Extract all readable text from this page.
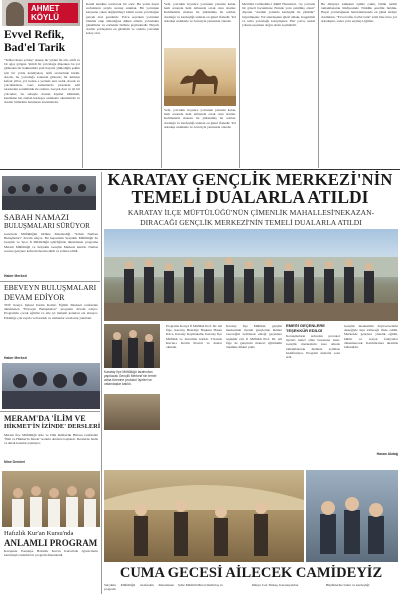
AHMET
KÖYLÜ
Evvel Refik,
Bad'el Tarik
"Tebbet ikaus yoldaş" deneıp bir yıldan bir ellı, emfi ve bir ağaç gölgesi. Şimdi bir yolculuğa düşerken bu yol gitmeden bir hakkındaki yeni hayatta yüklediğin şeklin için bir yolda kendiyelen, tarih sevincinde bizim. Ancak, bu yolculuğa sonunda gidecek; bir kılmayı kafeni yıllar, yol beden e yerinde size sadık olacak ve yolculukların. Geri zamanlarda pırasında edil tarasından sorumluluk ile onların. Gerçek dost ve iyi bir yolcudur; bu sebeple dostun kıymet bilinmeli, kendisine her zaman kardeşçe sadakatte olunmalıdır ve dostlar birbirinin hatırlarını korumalıdır.
Kendi kendine sorulacak bir soru: Bu yolda hayat zorlukların sırıyla uzanıp sunmak. Bir yolcunun karşısına çıkan değiştirmeyi bizim sorun yolculuğun gerçek dost gerektirir. Yolcu seçerken yolcunun bizimle olup olmadığına dikkat etmeli, yolculukta güzellikler ve zorluklar birlikte geçmektedir. Hayırlı dostlar yoldaşların en güzelidir ve onlarla yolculuk kolay olur.
Vefa, yolculuk boyunca yolcunun yanında kalan, hem acısında hem tatlısında ortak olan dosttur. Kelimelerin manası ile yüklenmiş bu sohbet, dostluğu ve kardeşliği anlatan en güzel ifadedir. Yol arkadaşı sadakatle ve özveriyle yanınızda olandır.
Vefa, yolculuk boyunca yolcunun yanında kalan, hem acısında hem tatlısında ortak olan dosttur. Kelimelerin manası ile yüklenmiş bu sohbet, dostluğu ve kardeşliği anlatan en güzel ifadedir. Yol arkadaşı sadakatle ve özveriyle yanınızda olandır.
Mevlânâ Celâleddin-i Rûmî Hazretleri, "ey yolcuda bir gözeli bacunmuze Eninde yolu çekilmiş olsun" diyerek "dostluk yolunda kardeşlik ile yürünür" buyurmuştur. Yol arkadaşının güzel ahlakı, hoşgörüsü ve sabrı yolculuğu kolaylaştırır. Her yolcu, kendi yolunu seçerken doğru dostu seçmelidir.
Bu dünyaya sahipken işimiz çoklu, bütün terimi tamamlanarak hikâyesinde Türklük şerefini bulduk. Hayat yolculuğunun hatırlanmasında en güzel hediye dostluktur. "Evvel refik, bad'el tarik" sözü bize önce yol arkadaşını, sonra yolu seçmeyi öğütler.
KARATAY GENÇLİK MERKEZİ'NİN
TEMELİ DUALARLA ATILDI
KARATAY İLÇE MÜFTÜLÜĞÜ'NÜN ÇİMENLİK MAHALLESİ'NEKAZAN-
DIRACAĞI GENÇLİK MERKEZİ'NİN TEMELİ DUALARLA ATILDI
SABAH NAMAZI
BULUŞMALARI SÜRÜYOR
Gençlerle Müftülüğün birlikte düzenlediği "Sabah Namazı Buluşmaları" devam ediyor. Bu kapsamda Selçuklu Müftülüğü ile Gençlik ve Spor İl Müdürlüğü işbirliğinde düzenlenen programa Meram Müftülüğü ve Selçuklu Gençlik Merkezi katıldı. Namaz sonrası gençlere kahvaltı ikram edildi ve sohbet edildi.
Haber Merkezi
EBEVEYN BULUŞMALARI
DEVAM EDİYOR
TDV Konya Şubesi Kadın Kolları Eğitim Merkezi tarafından düzenlenen "Ebeveyn Buluşmaları" programı devam ediyor. Programda çocuk eğitimi ve aile içi iletişim konuları ele alınıyor. Etkinliğe çok sayıda veli katıldı ve uzmanlar sorularını yanıtladı.
Haber Merkezi
Karatay İlçe Müftülüğü tarafından yapılacak Gençlik Merkezi'nin temel atma törenine protokol üyeleri ve vatandaşlar katıldı.
Programa Konya İl Müftüsü Prof. Dr. Ali Öge, Karatay Belediye Başkanı Hasan Kılca, Karatay Kaymakamı, Karatay İlçe Müftüsü ve davetliler katıldı. Törende Kur'an-ı Kerim tilaveti ve dualar okundu.
Karatay İlçe Müftüsü, gençlik merkezinin ilçenin gençlerine hizmet vereceğini belirterek emeği geçenlere teşekkür etti. İl Müftüsü Prof. Dr. Ali Öge de gençlerin manevi eğitiminin önemine dikkat çekti.
EMEĞİ GEÇENLERE TEŞEKKÜR EDİLDİ
Konuşmaların ardından protokol üyeleri temel atma butonuna bastı. Gençlik merkezinin kısa sürede tamamlanarak hizmete açılması hedefleniyor. Program dualarla sona erdi.
Gençlik merkezinin hayırseverlerin desteğiyle inşa edileceği ifade edildi. Merkezde gençlere yönelik eğitim, kültür ve sosyal faaliyetler düzenlenecek. Katılımcılara ikramda bulunuldu.
Hasan Akdağ
MERAM'DA 'İLİM VE
HİKMET'İN İZİNDE' DERSLERİ
Meram İlçe Müftülüğü Aile ve Dini Rehberlik Bürosu tarafından "İlim ve Hikmet'in İzinde" konulu derslere başlandı. Derslerde hadis ve ahlak konuları işleniyor.
Mine Demirel
Hafızlık Kur'an Kursu'nda
ANLAMLI PROGRAM
Karapınar Esentepe Hafızlık Kur'an Kursu'nda öğrencilerin katılımıyla anlamlı bir program düzenlendi.
CUMA GECESİ AİLECEK CAMİDEYİZ
Selçuklu Müftülüğü tarafından düzenlenen program
Şube Müdürü Murat Demirtaş ve	Dünya Can Türkeş, Karanayından	Büyüklerine bahar ve kardeşliği
